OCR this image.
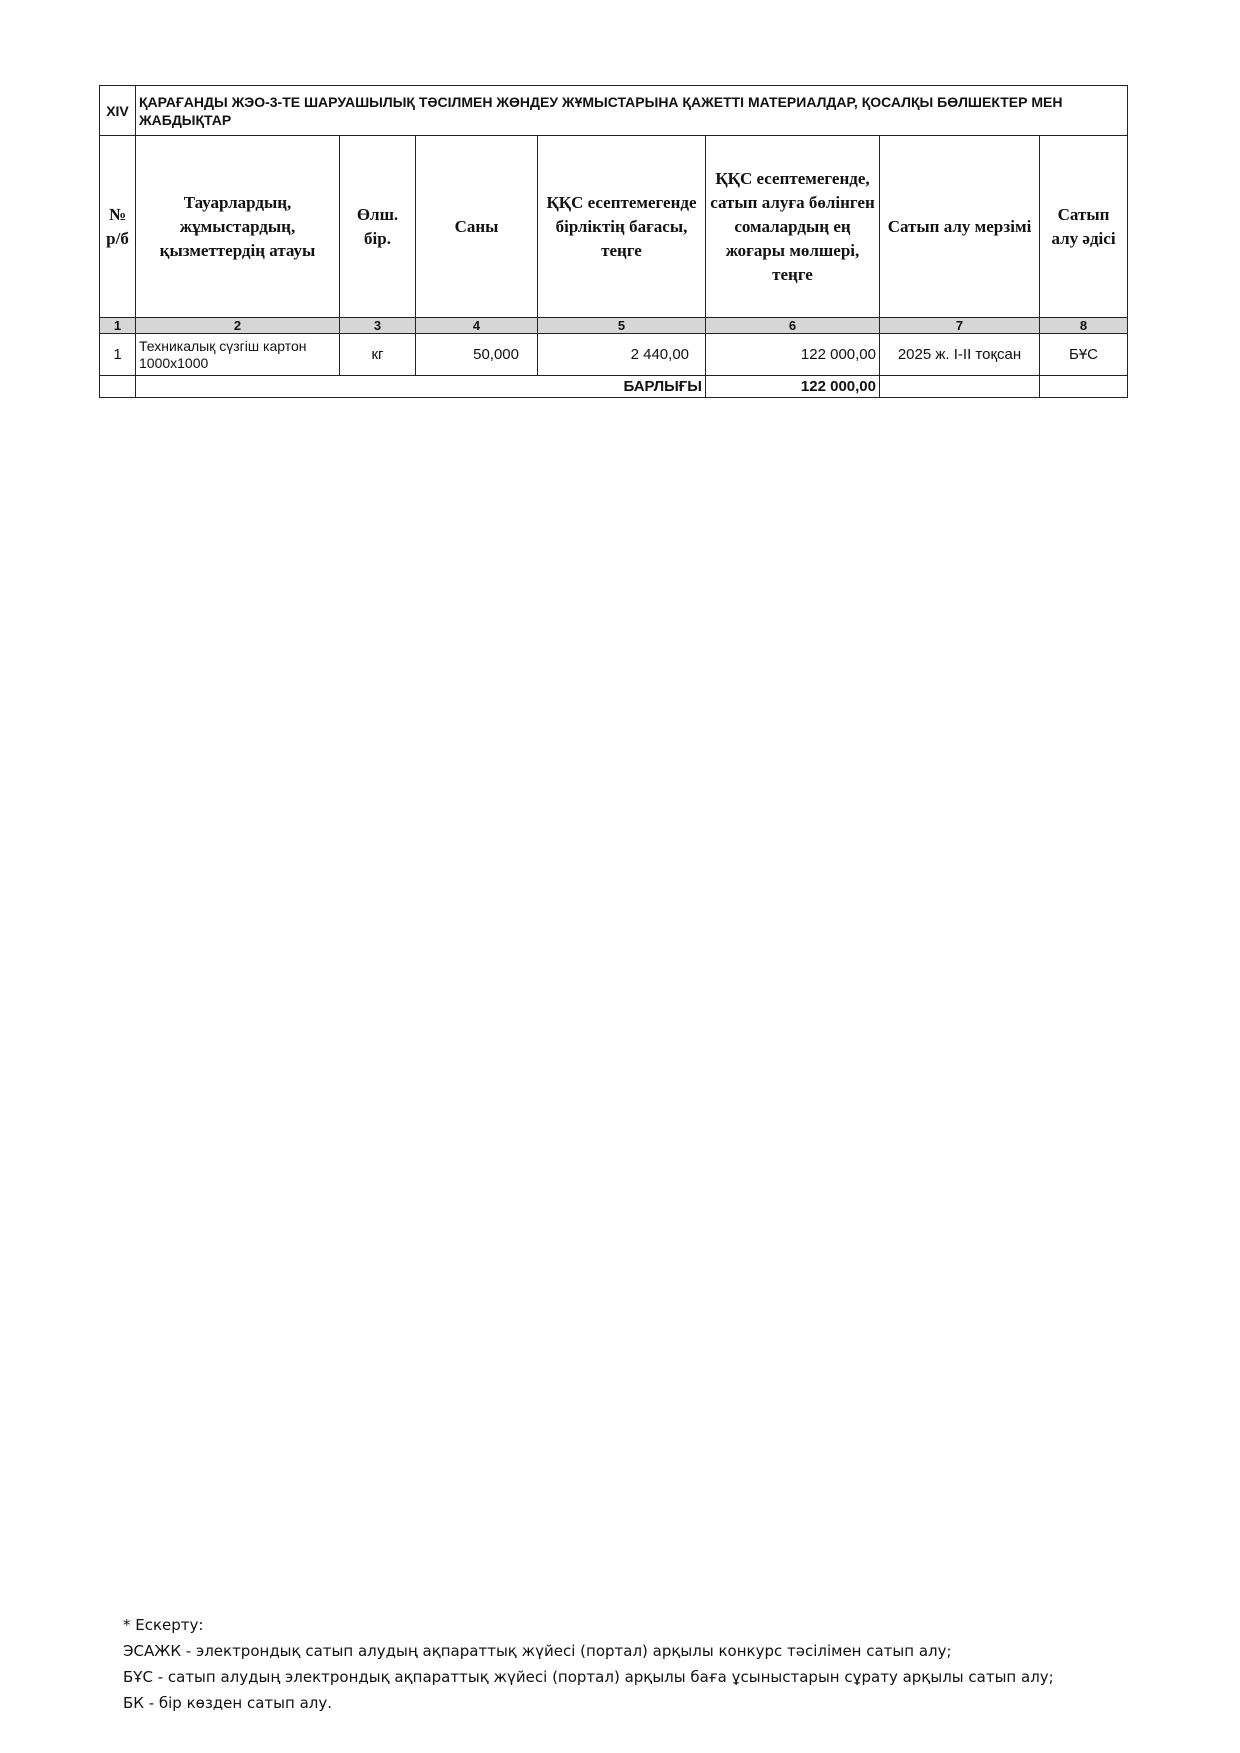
XIV	ҚАРАҒАНДЫ ЖЭО-3-ТЕ ШАРУАШЫЛЫҚ ТӘСІЛМЕН ЖӨНДЕУ ЖҰМЫСТАРЫНА ҚАЖЕТТІ МАТЕРИАЛДАР, ҚОСАЛҚЫ БӨЛШЕКТЕР МЕН ЖАБДЫҚТАР						
№ р/б	Тауарлардың, жұмыстардың, қызметтердің атауы	Өлш. бір.	Саны	ҚҚС есептемегенде бірліктің бағасы, теңге	ҚҚС есептемегенде, сатып алуға бөлінген сомалардың ең жоғары мөлшері, теңге	Сатып алу мерзімі	Сатып алу әдісі
1	2	3	4	5	6	7	8
1	Техникалық сүзгіш картон 1000x1000	кг	50,000	2 440,00	122 000,00	2025 ж. I-II тоқсан	БҰС
	БАРЛЫҒЫ				122 000,00		
* Ескерту:
ЭСАЖК - электрондық сатып алудың ақпараттық жүйесі (портал) арқылы конкурс тәсілімен сатып алу;
БҰС - сатып алудың электрондық ақпараттық жүйесі (портал) арқылы баға ұсыныстарын сұрату арқылы сатып алу;
БК - бір көзден сатып алу.
